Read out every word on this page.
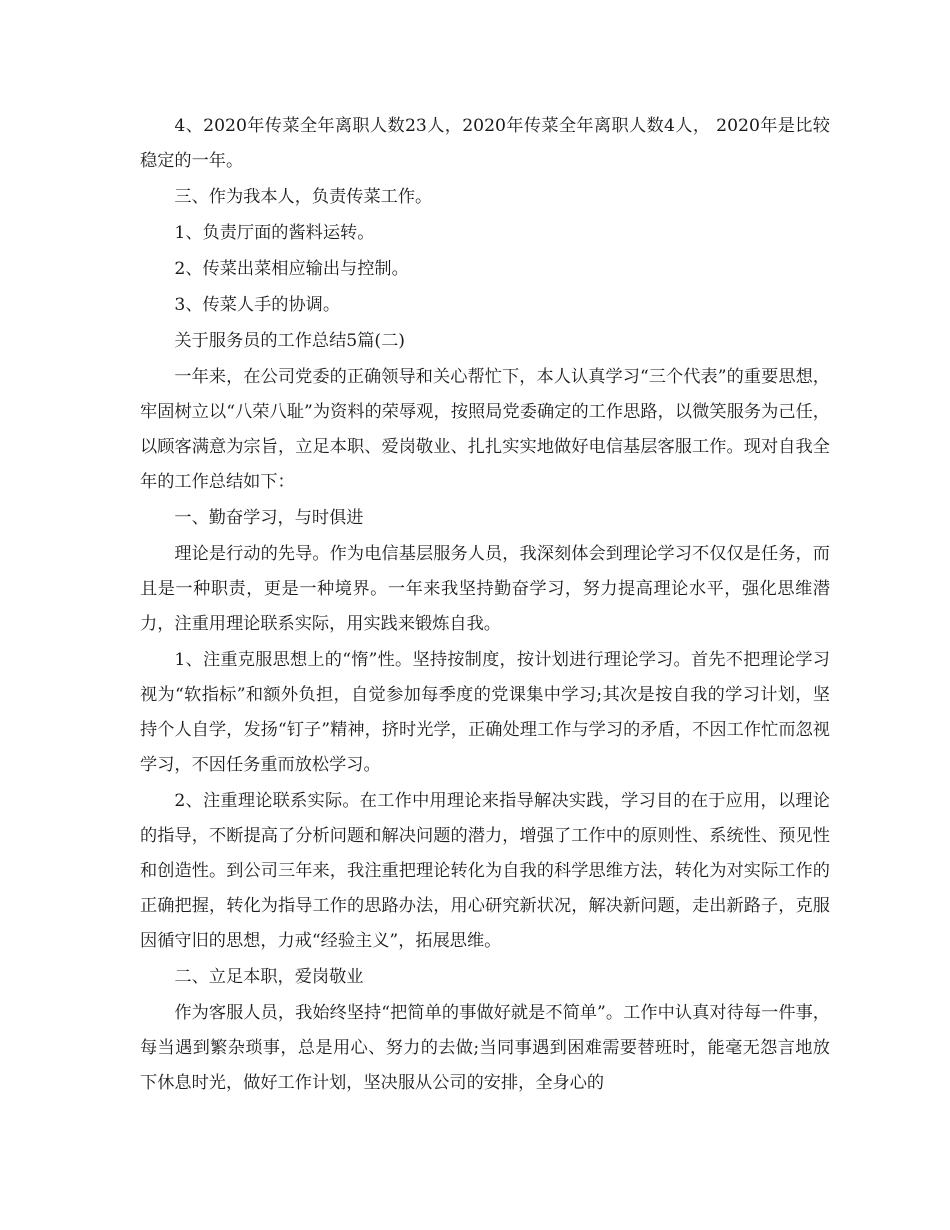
4、2020年传菜全年离职人数23人，2020年传菜全年离职人数4人， 2020年是比较稳定的一年。

三、作为我本人，负责传菜工作。

1、负责厅面的酱料运转。

2、传菜出菜相应输出与控制。

3、传菜人手的协调。

关于服务员的工作总结5篇(二)

一年来，在公司党委的正确领导和关心帮忙下，本人认真学习“三个代表”的重要思想，牢固树立以“八荣八耻”为资料的荣辱观，按照局党委确定的工作思路，以微笑服务为己任，以顾客满意为宗旨，立足本职、爱岗敬业、扎扎实实地做好电信基层客服工作。现对自我全年的工作总结如下：

一、勤奋学习，与时俱进

理论是行动的先导。作为电信基层服务人员，我深刻体会到理论学习不仅仅是任务，而且是一种职责，更是一种境界。一年来我坚持勤奋学习，努力提高理论水平，强化思维潜力，注重用理论联系实际，用实践来锻炼自我。

1、注重克服思想上的“惰”性。坚持按制度，按计划进行理论学习。首先不把理论学习视为“软指标”和额外负担，自觉参加每季度的党课集中学习;其次是按自我的学习计划，坚持个人自学，发扬“钉子”精神，挤时光学，正确处理工作与学习的矛盾，不因工作忙而忽视学习，不因任务重而放松学习。

2、注重理论联系实际。在工作中用理论来指导解决实践，学习目的在于应用，以理论的指导，不断提高了分析问题和解决问题的潜力，增强了工作中的原则性、系统性、预见性和创造性。到公司三年来，我注重把理论转化为自我的科学思维方法，转化为对实际工作的正确把握，转化为指导工作的思路办法，用心研究新状况，解决新问题，走出新路子，克服因循守旧的思想，力戒“经验主义”，拓展思维。

二、立足本职，爱岗敬业

作为客服人员，我始终坚持“把简单的事做好就是不简单”。工作中认真对待每一件事，每当遇到繁杂琐事，总是用心、努力的去做;当同事遇到困难需要替班时，能毫无怨言地放下休息时光，做好工作计划，坚决服从公司的安排，全身心的
